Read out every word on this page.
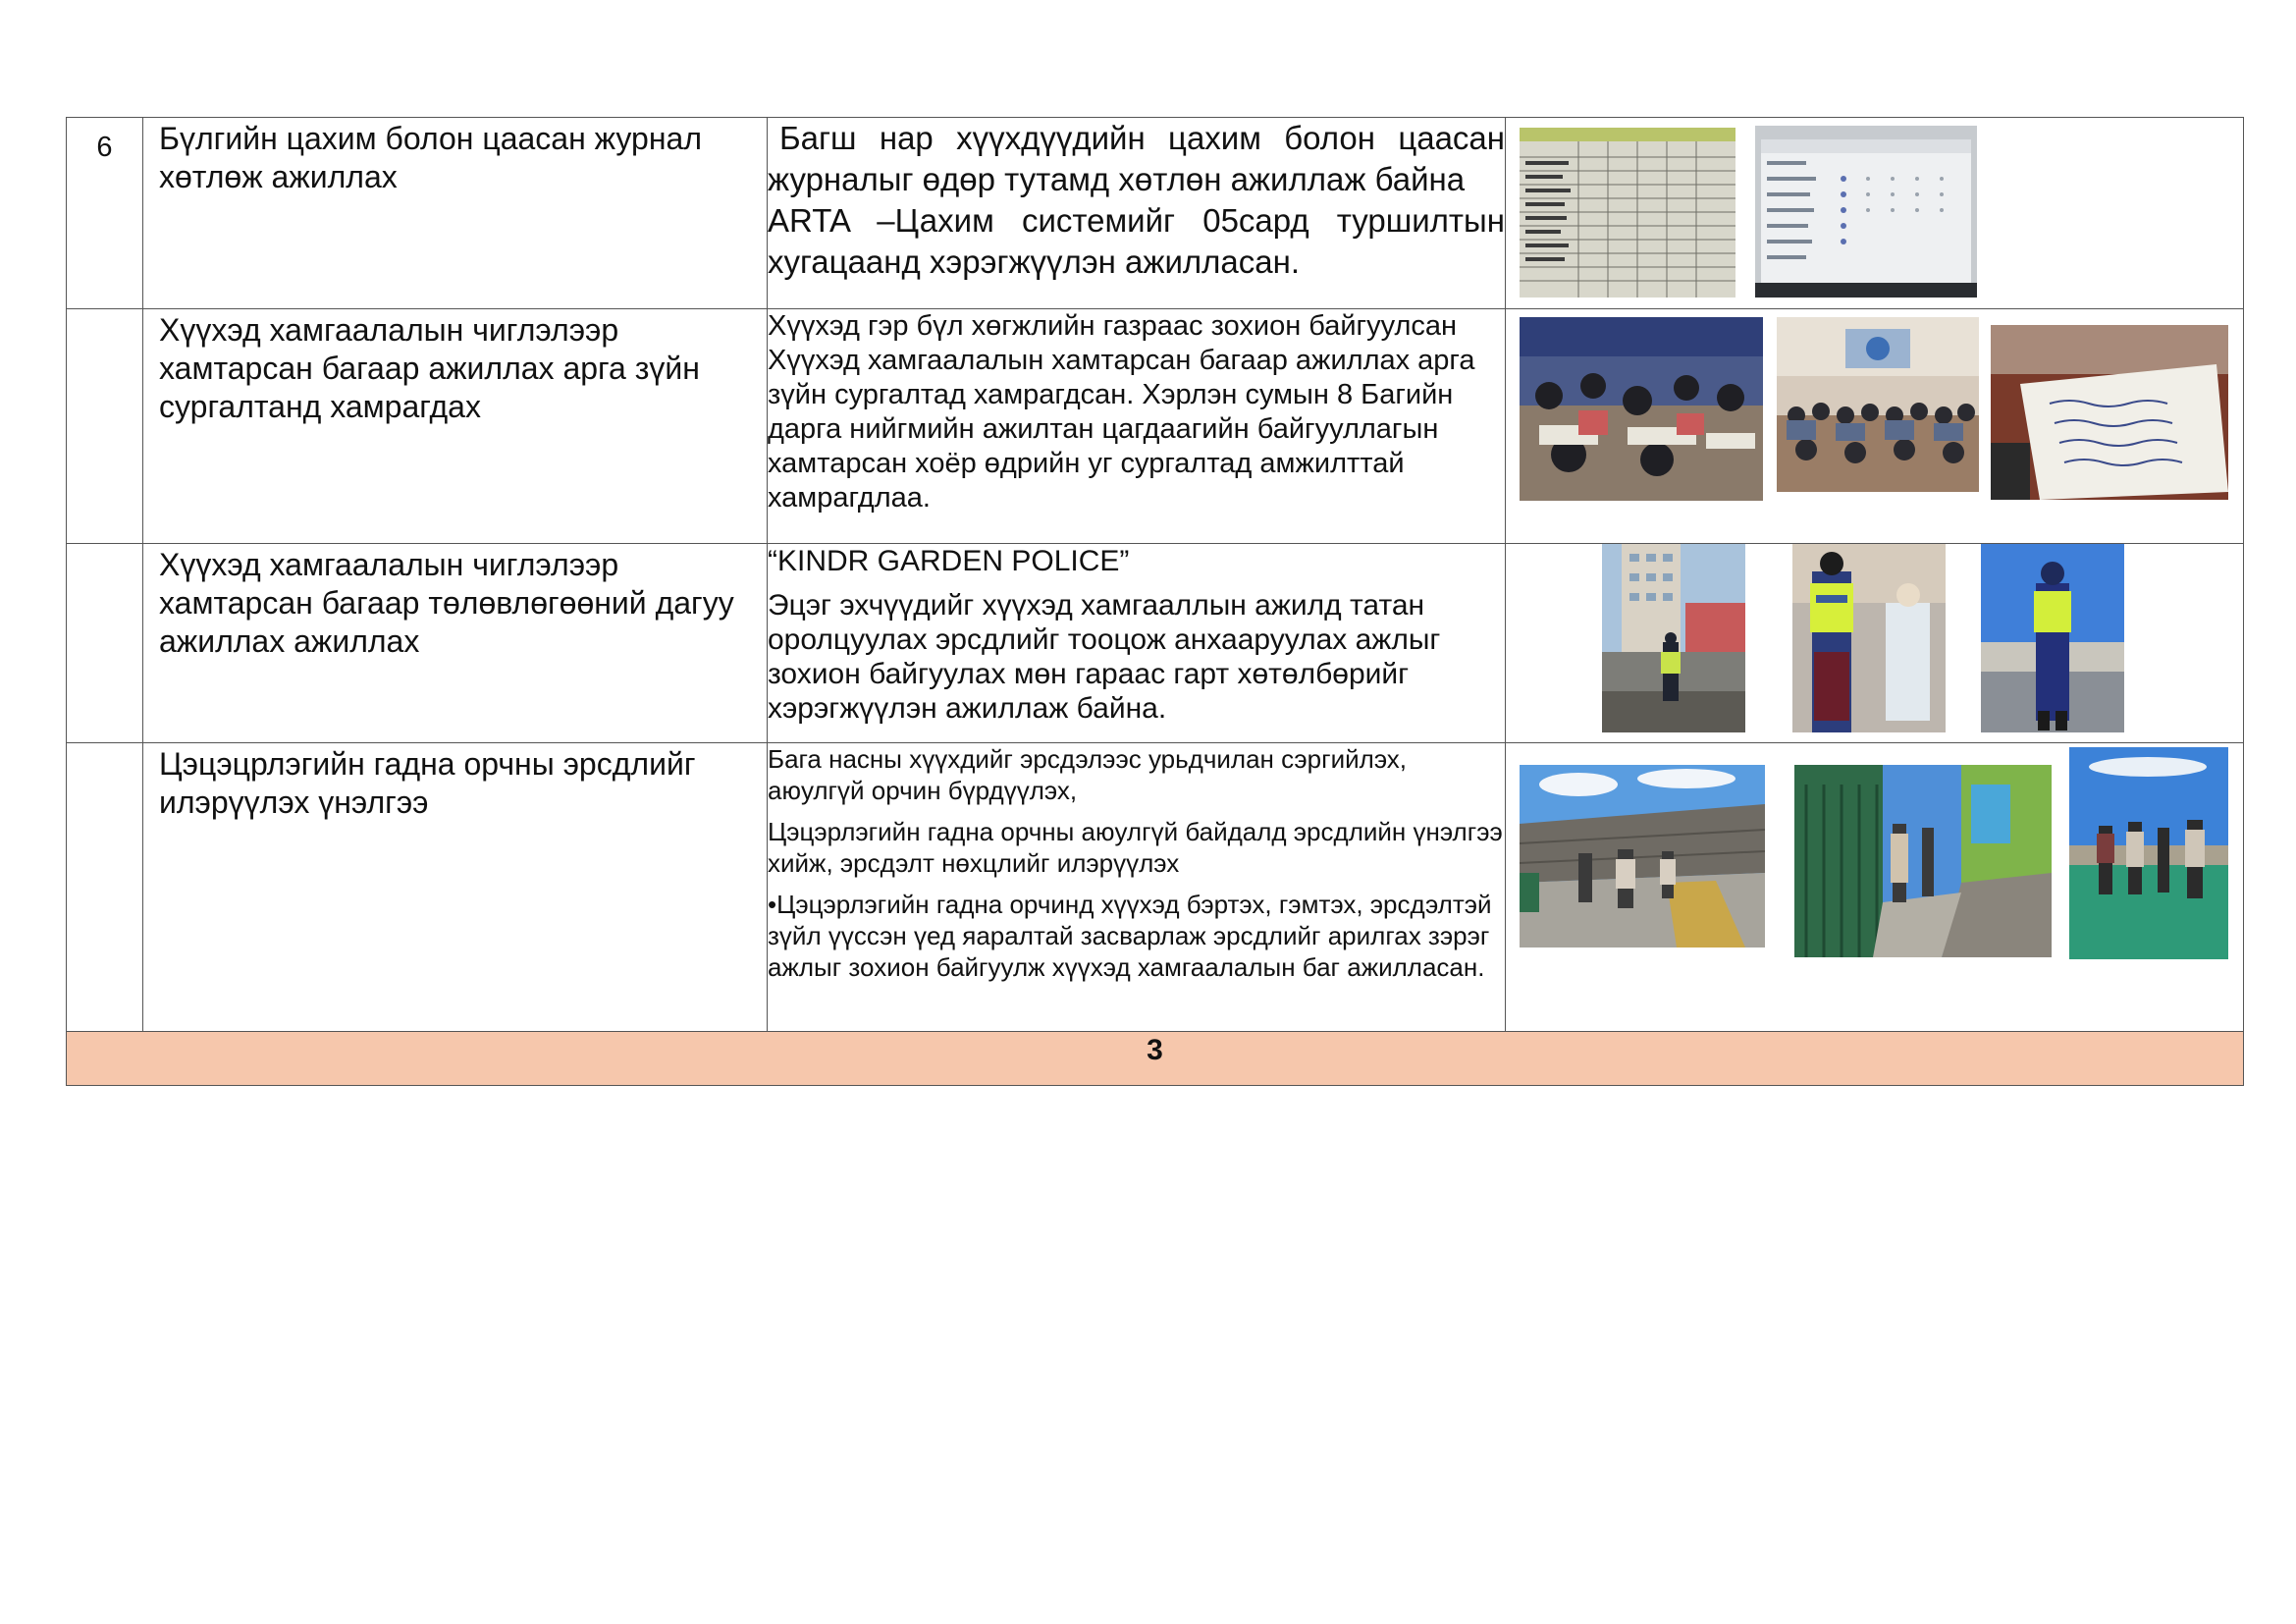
6	Бүлгийн цахим болон цаасан журнал хөтлөж ажиллах	Багш нар хүүхдүүдийн цахим болон цаасан журналыг өдөр тутамд хөтлөн ажиллаж байна

ARTA –Цахим системийг 05сард туршилтын хугацаанд хэрэгжүүлэн ажилласан.

	Хүүхэд хамгаалалын чиглэлээр хамтарсан багаар ажиллах арга зүйн сургалтанд хамрагдах	Хүүхэд гэр бүл хөгжлийн газраас зохион байгуулсан Хүүхэд хамгаалалын хамтарсан багаар ажиллах арга зүйн сургалтад хамрагдсан. Хэрлэн сумын 8 Багийн дарга нийгмийн ажилтан цагдаагийн байгууллагын хамтарсан хоёр өдрийн уг сургалтад амжилттай хамрагдлаа.

	Хүүхэд хамгаалалын чиглэлээр хамтарсан багаар төлөвлөгөөний дагуу ажиллах ажиллах	“KINDR GARDEN POLICE”

Эцэг эхчүүдийг хүүхэд хамгааллын ажилд татан оролцуулах эрсдлийг тооцож анхааруулах ажлыг зохион байгуулах мөн гараас гарт хөтөлбөрийг хэрэгжүүлэн ажиллаж байна.

	Цэцэцрлэгийн гадна орчны эрсдлийг илэрүүлэх үнэлгээ	Бага насны хүүхдийг эрсдэлээс урьдчилан сэргийлэх, аюулгүй орчин бүрдүүлэх,

Цэцэрлэгийн гадна орчны аюулгүй байдалд эрсдлийн үнэлгээ хийж, эрсдэлт нөхцлийг илэрүүлэх

•Цэцэрлэгийн гадна орчинд хүүхэд бэртэх, гэмтэх, эрсдэлтэй зүйл үүссэн үед яаралтай засварлаж эрсдлийг арилгах зэрэг ажлыг зохион байгуулж хүүхэд хамгаалалын баг ажилласан.

3			
